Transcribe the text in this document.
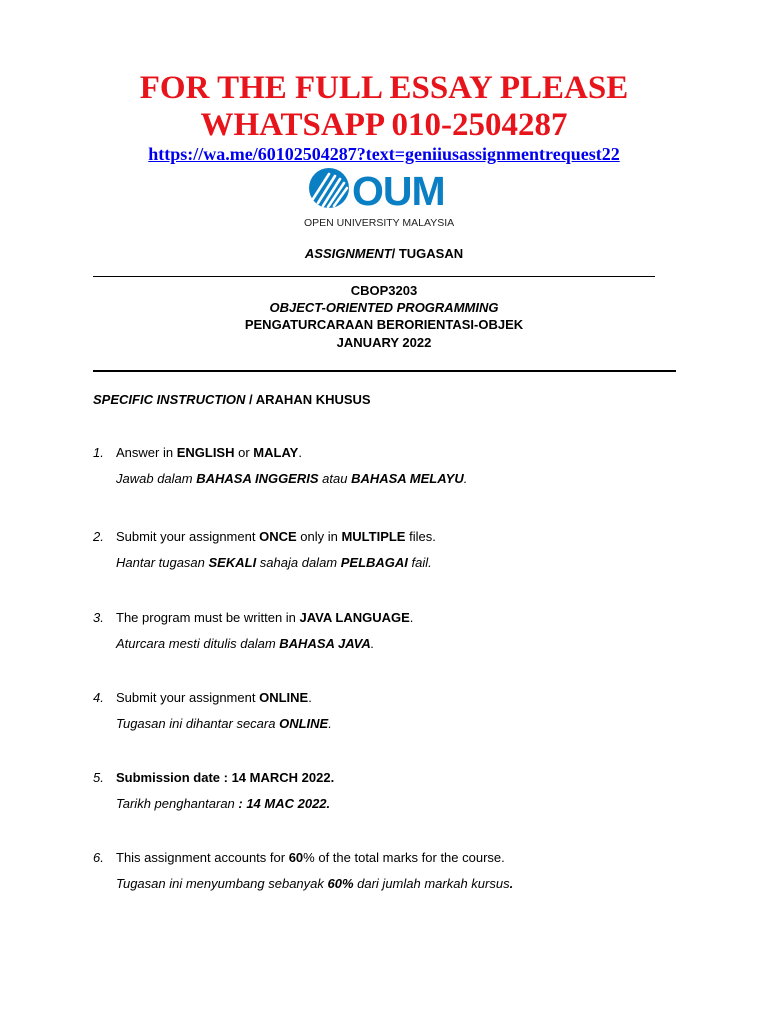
FOR THE FULL ESSAY PLEASE
WHATSAPP 010-2504287
https://wa.me/60102504287?text=geniiusassignmentrequest22
OUM
OPEN UNIVERSITY MALAYSIA
ASSIGNMENT/ TUGASAN
CBOP3203
OBJECT-ORIENTED PROGRAMMING
PENGATURCARAAN BERORIENTASI-OBJEK
JANUARY 2022
SPECIFIC INSTRUCTION / ARAHAN KHUSUS
1. Answer in ENGLISH or MALAY.
Jawab dalam BAHASA INGGERIS atau BAHASA MELAYU.
2. Submit your assignment ONCE only in MULTIPLE files.
Hantar tugasan SEKALI sahaja dalam PELBAGAI fail.
3. The program must be written in JAVA LANGUAGE.
Aturcara mesti ditulis dalam BAHASA JAVA.
4. Submit your assignment ONLINE.
Tugasan ini dihantar secara ONLINE.
5. Submission date : 14 MARCH 2022.
Tarikh penghantaran : 14 MAC 2022.
6. This assignment accounts for 60% of the total marks for the course.
Tugasan ini menyumbang sebanyak 60% dari jumlah markah kursus.
